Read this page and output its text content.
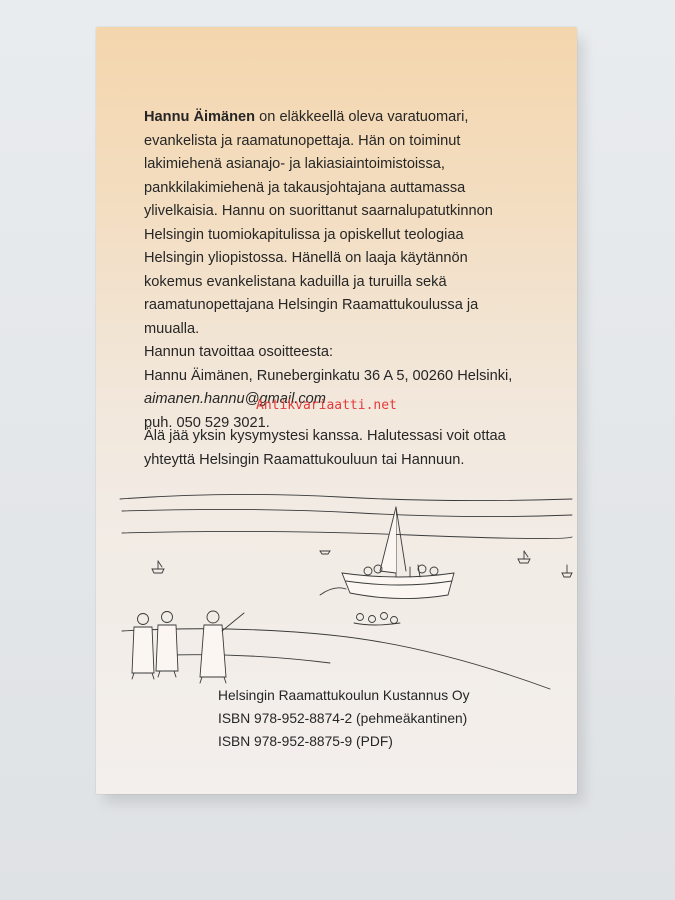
Hannu Äimänen on eläkkeellä oleva varatuomari,

evankelista ja raamatunopettaja. Hän on toiminut

lakimiehenä asianajo- ja lakiasiaintoimistoissa,

pankkilakimiehenä ja takausjohtajana auttamassa

ylivelkaisia. Hannu on suorittanut saarnalupatutkinnon

Helsingin tuomiokapitulissa ja opiskellut teologiaa

Helsingin yliopistossa. Hänellä on laaja käytännön

kokemus evankelistana kaduilla ja turuilla sekä

raamatunopettajana Helsingin Raamattukoulussa ja

muualla.

Hannun tavoittaa osoitteesta:

Hannu Äimänen, Runeberginkatu 36 A 5, 00260 Helsinki,

aimanen.hannu@gmail.com

puh. 050 529 3021.

Älä jää yksin kysymystesi kanssa. Halutessasi voit ottaa

yhteyttä Helsingin Raamattukouluun tai Hannuun.

Antikvariaatti.net

Helsingin Raamattukoulun Kustannus Oy

ISBN 978-952-8874-2 (pehmeäkantinen)

ISBN 978-952-8875-9 (PDF)
